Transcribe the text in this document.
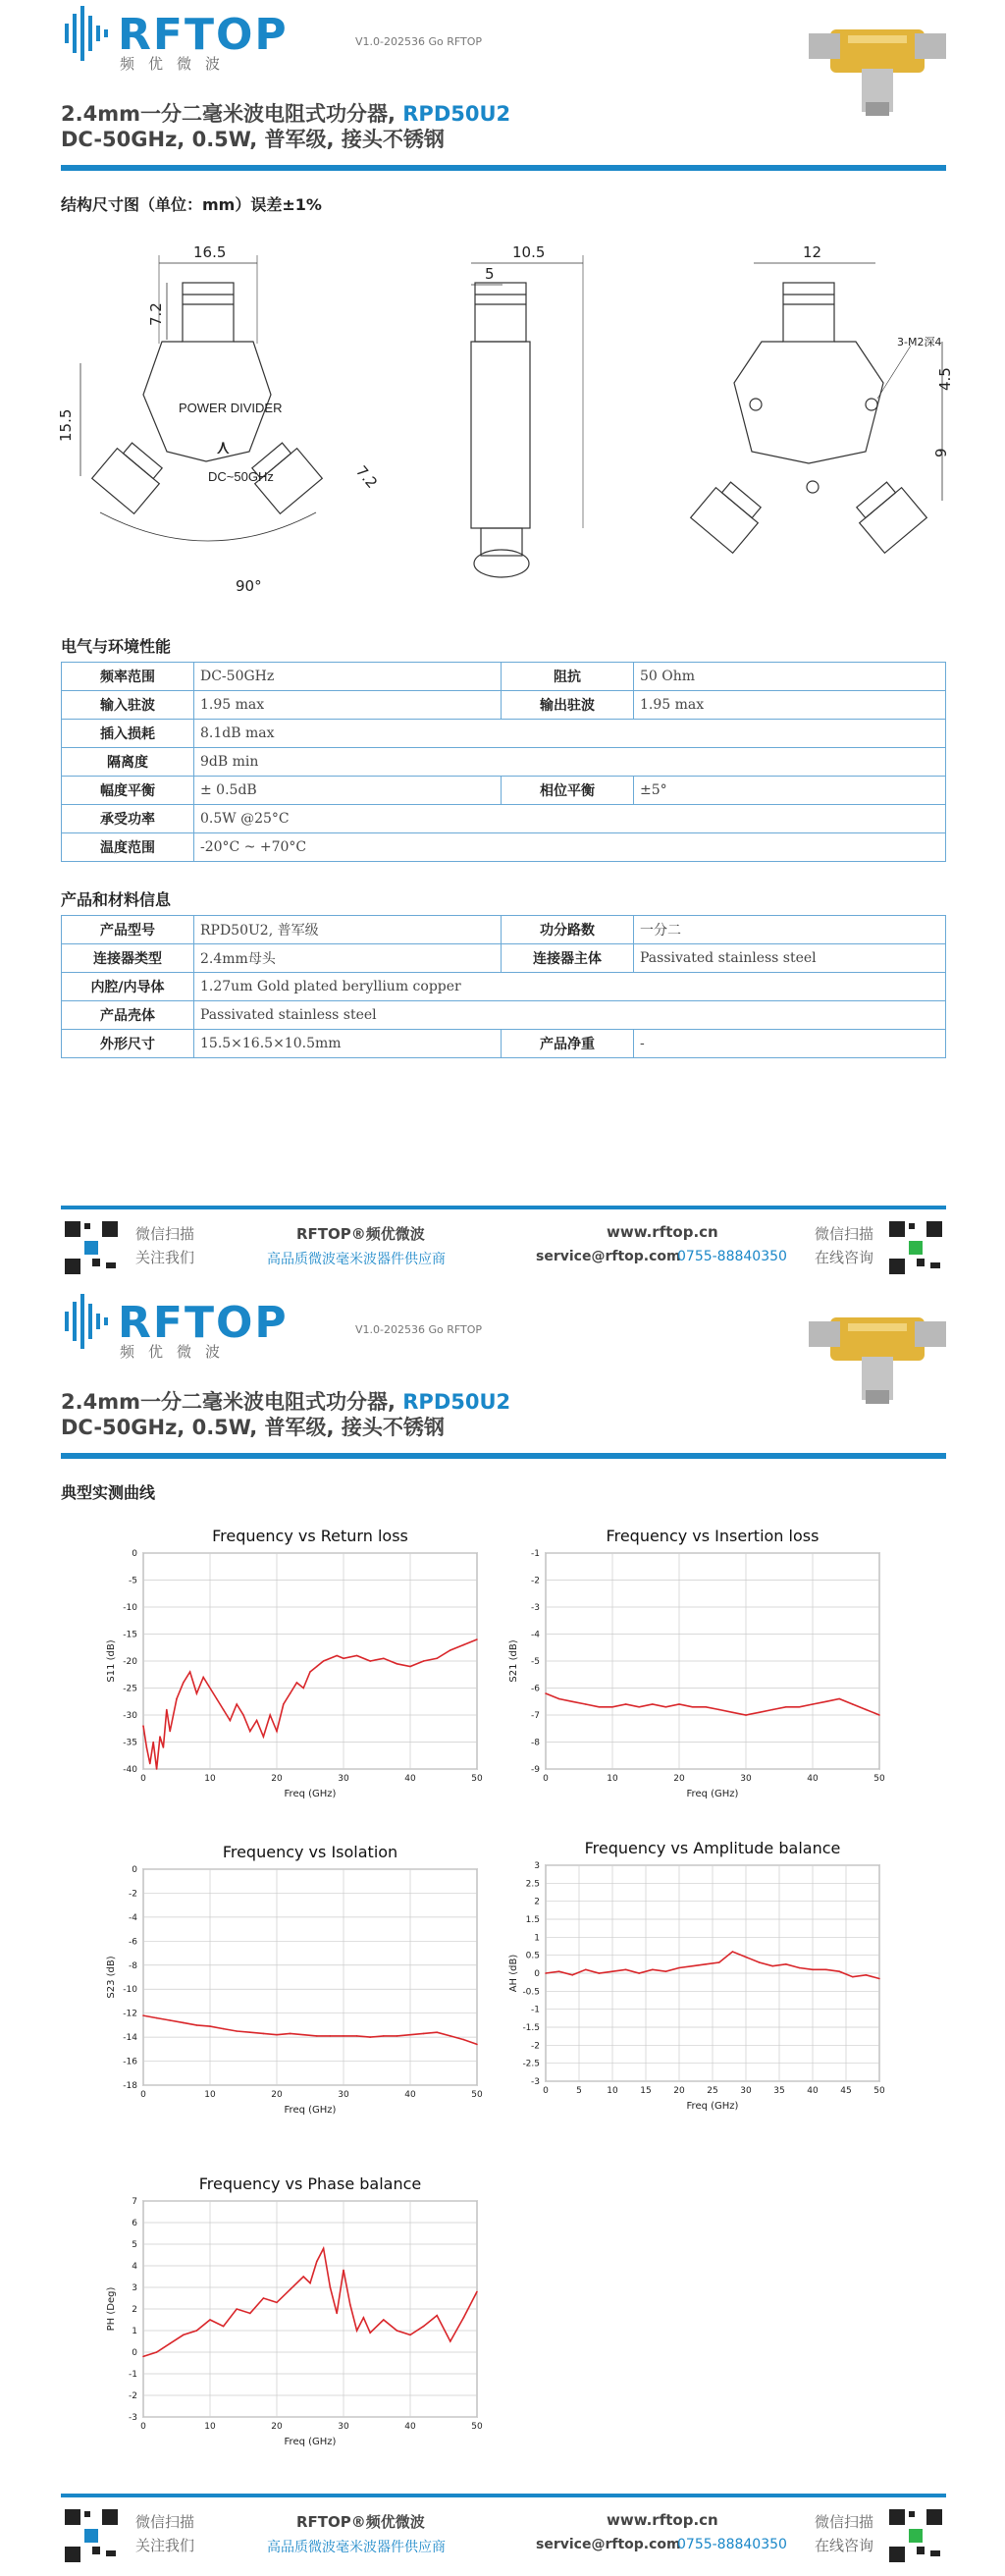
RFTOP
频优微波
V1.0-202536 Go RFTOP
2.4mm一分二毫米波电阻式功分器, RPD50U2
DC-50GHz, 0.5W, 普军级, 接头不锈钢
结构尺寸图（单位：mm）误差±1%
16.5
15.5
7.2
7.2
90°
POWER DIVIDER
DC~50GHz
⋏
10.5
5
12
3-M2深4
4.5
9
电气与环境性能
频率范围	DC-50GHz	阻抗	50 Ohm
输入驻波	1.95 max	输出驻波	1.95 max
插入损耗	8.1dB max		
隔离度	9dB min		
幅度平衡	± 0.5dB	相位平衡	±5°
承受功率	0.5W @25°C		
温度范围	-20°C ~ +70°C		
产品和材料信息
产品型号	RPD50U2, 普军级	功分路数	一分二
连接器类型	2.4mm母头	连接器主体	Passivated stainless steel
内腔/内导体	1.27um Gold plated beryllium copper		
产品壳体	Passivated stainless steel		
外形尺寸	15.5×16.5×10.5mm	产品净重	-
微信扫描
关注我们
RFTOP®频优微波
高品质微波毫米波器件供应商
www.rftop.cn
service@rftop.com
0755-88840350
微信扫描
在线咨询
RFTOP
频优微波
V1.0-202536 Go RFTOP
2.4mm一分二毫米波电阻式功分器, RPD50U2
DC-50GHz, 0.5W, 普军级, 接头不锈钢
典型实测曲线
Frequency vs Return loss
0	10	20	30	40	50
0
-5
-10
-15
-20
-25
-30
-35
-40
Freq (GHz)
S11 (dB)
Frequency vs Insertion loss
0	10	20	30	40	50
-1
-2
-3
-4
-5
-6
-7
-8
-9
Freq (GHz)
S21 (dB)
Frequency vs Isolation
0	10	20	30	40	50
0
-2
-4
-6
-8
-10
-12
-14
-16
-18
Freq (GHz)
S23 (dB)
Frequency vs Amplitude balance
0	5	10	15	20	25	30	35	40	45	50
3
2.5
2
1.5
1
0.5
0
-0.5
-1
-1.5
-2
-2.5
-3
Freq (GHz)
AH (dB)
Frequency vs Phase balance
0	10	20	30	40	50
7
6
5
4
3
2
1
0
-1
-2
-3
Freq (GHz)
PH (Deg)
微信扫描
关注我们
RFTOP®频优微波
高品质微波毫米波器件供应商
www.rftop.cn
service@rftop.com
0755-88840350
微信扫描
在线咨询
